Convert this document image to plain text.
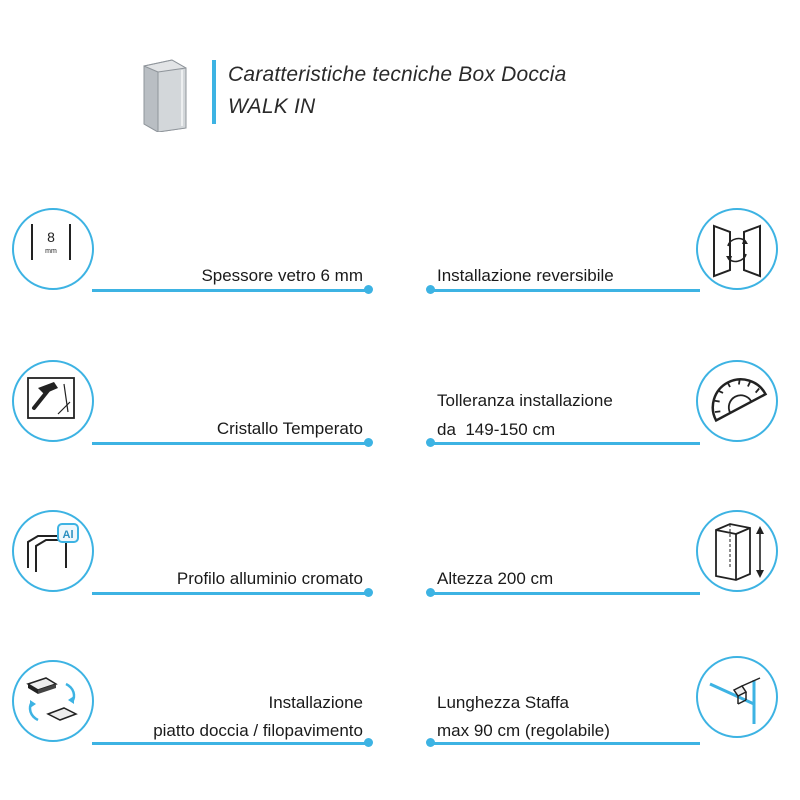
Caratteristiche tecniche Box Doccia
WALK IN
8
mm
Spessore vetro 6 mm
Cristallo Temperato
Al
Profilo alluminio cromato
Installazione
piatto doccia / filopavimento
Installazione reversibile
Tolleranza installazione
da  149-150 cm
Altezza 200 cm
Lunghezza Staffa
max 90 cm (regolabile)
